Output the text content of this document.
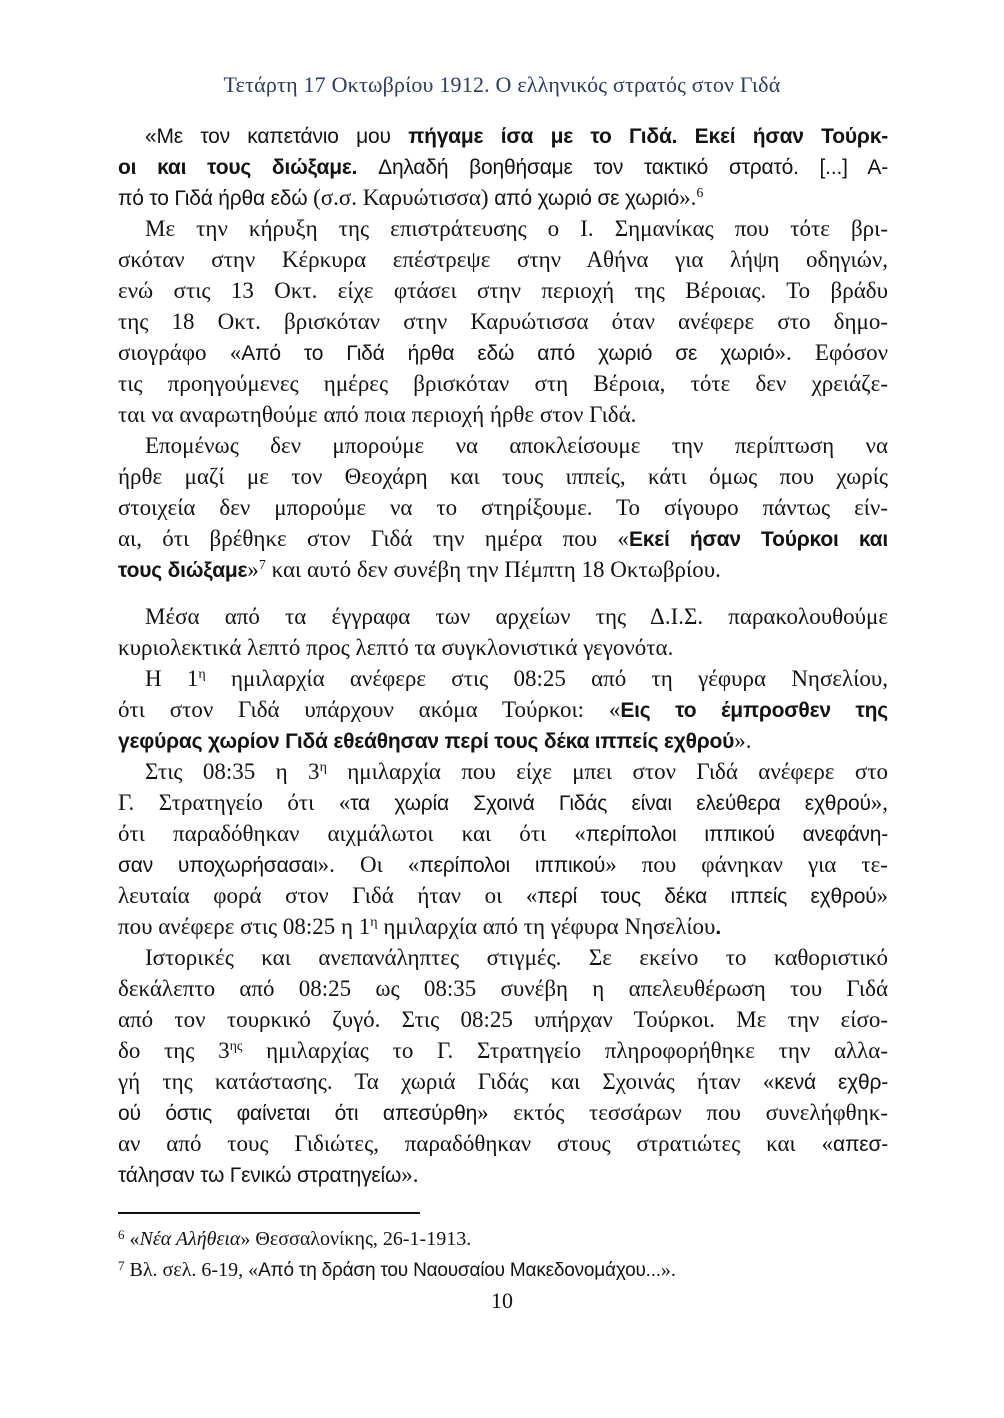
Τετάρτη 17 Οκτωβρίου 1912. Ο ελληνικός στρατός στον Γιδά
«Με τον καπετάνιο μου πήγαμε ίσα με το Γιδά. Εκεί ήσαν Τούρκ-
οι και τους διώξαμε. Δηλαδή βοηθήσαμε τον τακτικό στρατό. [...] Α-
πό το Γιδά ήρθα εδώ (σ.σ. Καρυώτισσα) από χωριό σε χωριό».$^6$
Με την κήρυξη της επιστράτευσης ο Ι. Σημανίκας που τότε βρι-
σκόταν στην Κέρκυρα επέστρεψε στην Αθήνα για λήψη οδηγιών,
ενώ στις 13 Οκτ. είχε φτάσει στην περιοχή της Βέροιας. Το βράδυ
της 18 Οκτ. βρισκόταν στην Καρυώτισσα όταν ανέφερε στο δημο-
σιογράφο «Από το Γιδά ήρθα εδώ από χωριό σε χωριό». Εφόσον
τις προηγούμενες ημέρες βρισκόταν στη Βέροια, τότε δεν χρειάζε-
ται να αναρωτηθούμε από ποια περιοχή ήρθε στον Γιδά.
Επομένως δεν μπορούμε να αποκλείσουμε την περίπτωση να
ήρθε μαζί με τον Θεοχάρη και τους ιππείς, κάτι όμως που χωρίς
στοιχεία δεν μπορούμε να το στηρίξουμε. Το σίγουρο πάντως είν-
αι, ότι βρέθηκε στον Γιδά την ημέρα που «Εκεί ήσαν Τούρκοι και
τους διώξαμε»$^7$ και αυτό δεν συνέβη την Πέμπτη 18 Οκτωβρίου.
Μέσα από τα έγγραφα των αρχείων της Δ.Ι.Σ. παρακολουθούμε
κυριολεκτικά λεπτό προς λεπτό τα συγκλονιστικά γεγονότα.
Η $1^\eta$ ημιλαρχία ανέφερε στις 08:25 από τη γέφυρα Νησελίου,
ότι στον Γιδά υπάρχουν ακόμα Τούρκοι: «Εις το έμπροσθεν της
γεφύρας χωρίον Γιδά εθεάθησαν περί τους δέκα ιππείς εχθρού».
Στις 08:35 η $3^\eta$ ημιλαρχία που είχε μπει στον Γιδά ανέφερε στο
Γ. Στρατηγείο ότι «τα χωρία Σχοινά Γιδάς είναι ελεύθερα εχθρού»,
ότι παραδόθηκαν αιχμάλωτοι και ότι «περίπολοι ιππικού ανεφάνη-
σαν υποχωρήσασαι». Οι «περίπολοι ιππικού» που φάνηκαν για τε-
λευταία φορά στον Γιδά ήταν οι «περί τους δέκα ιππείς εχθρού»
που ανέφερε στις 08:25 η $1^\eta$ ημιλαρχία από τη γέφυρα Νησελίου.
Ιστορικές και ανεπανάληπτες στιγμές. Σε εκείνο το καθοριστικό
δεκάλεπτο από 08:25 ως 08:35 συνέβη η απελευθέρωση του Γιδά
από τον τουρκικό ζυγό. Στις 08:25 υπήρχαν Τούρκοι. Με την είσο-
δο της $3^{\eta\varsigma}$ ημιλαρχίας το Γ. Στρατηγείο πληροφορήθηκε την αλλα-
γή της κατάστασης. Τα χωριά Γιδάς και Σχοινάς ήταν «κενά εχθρ-
ού όστις φαίνεται ότι απεσύρθη» εκτός τεσσάρων που συνελήφθηκ-
αν από τους Γιδιώτες, παραδόθηκαν στους στρατιώτες και «απεσ-
τάλησαν τω Γενικώ στρατηγείω».
$^6$ «Νέα Αλήθεια» Θεσσαλονίκης, 26-1-1913.
$^7$ Βλ. σελ. 6-19, «Από τη δράση του Ναουσαίου Μακεδονομάχου...».
10
